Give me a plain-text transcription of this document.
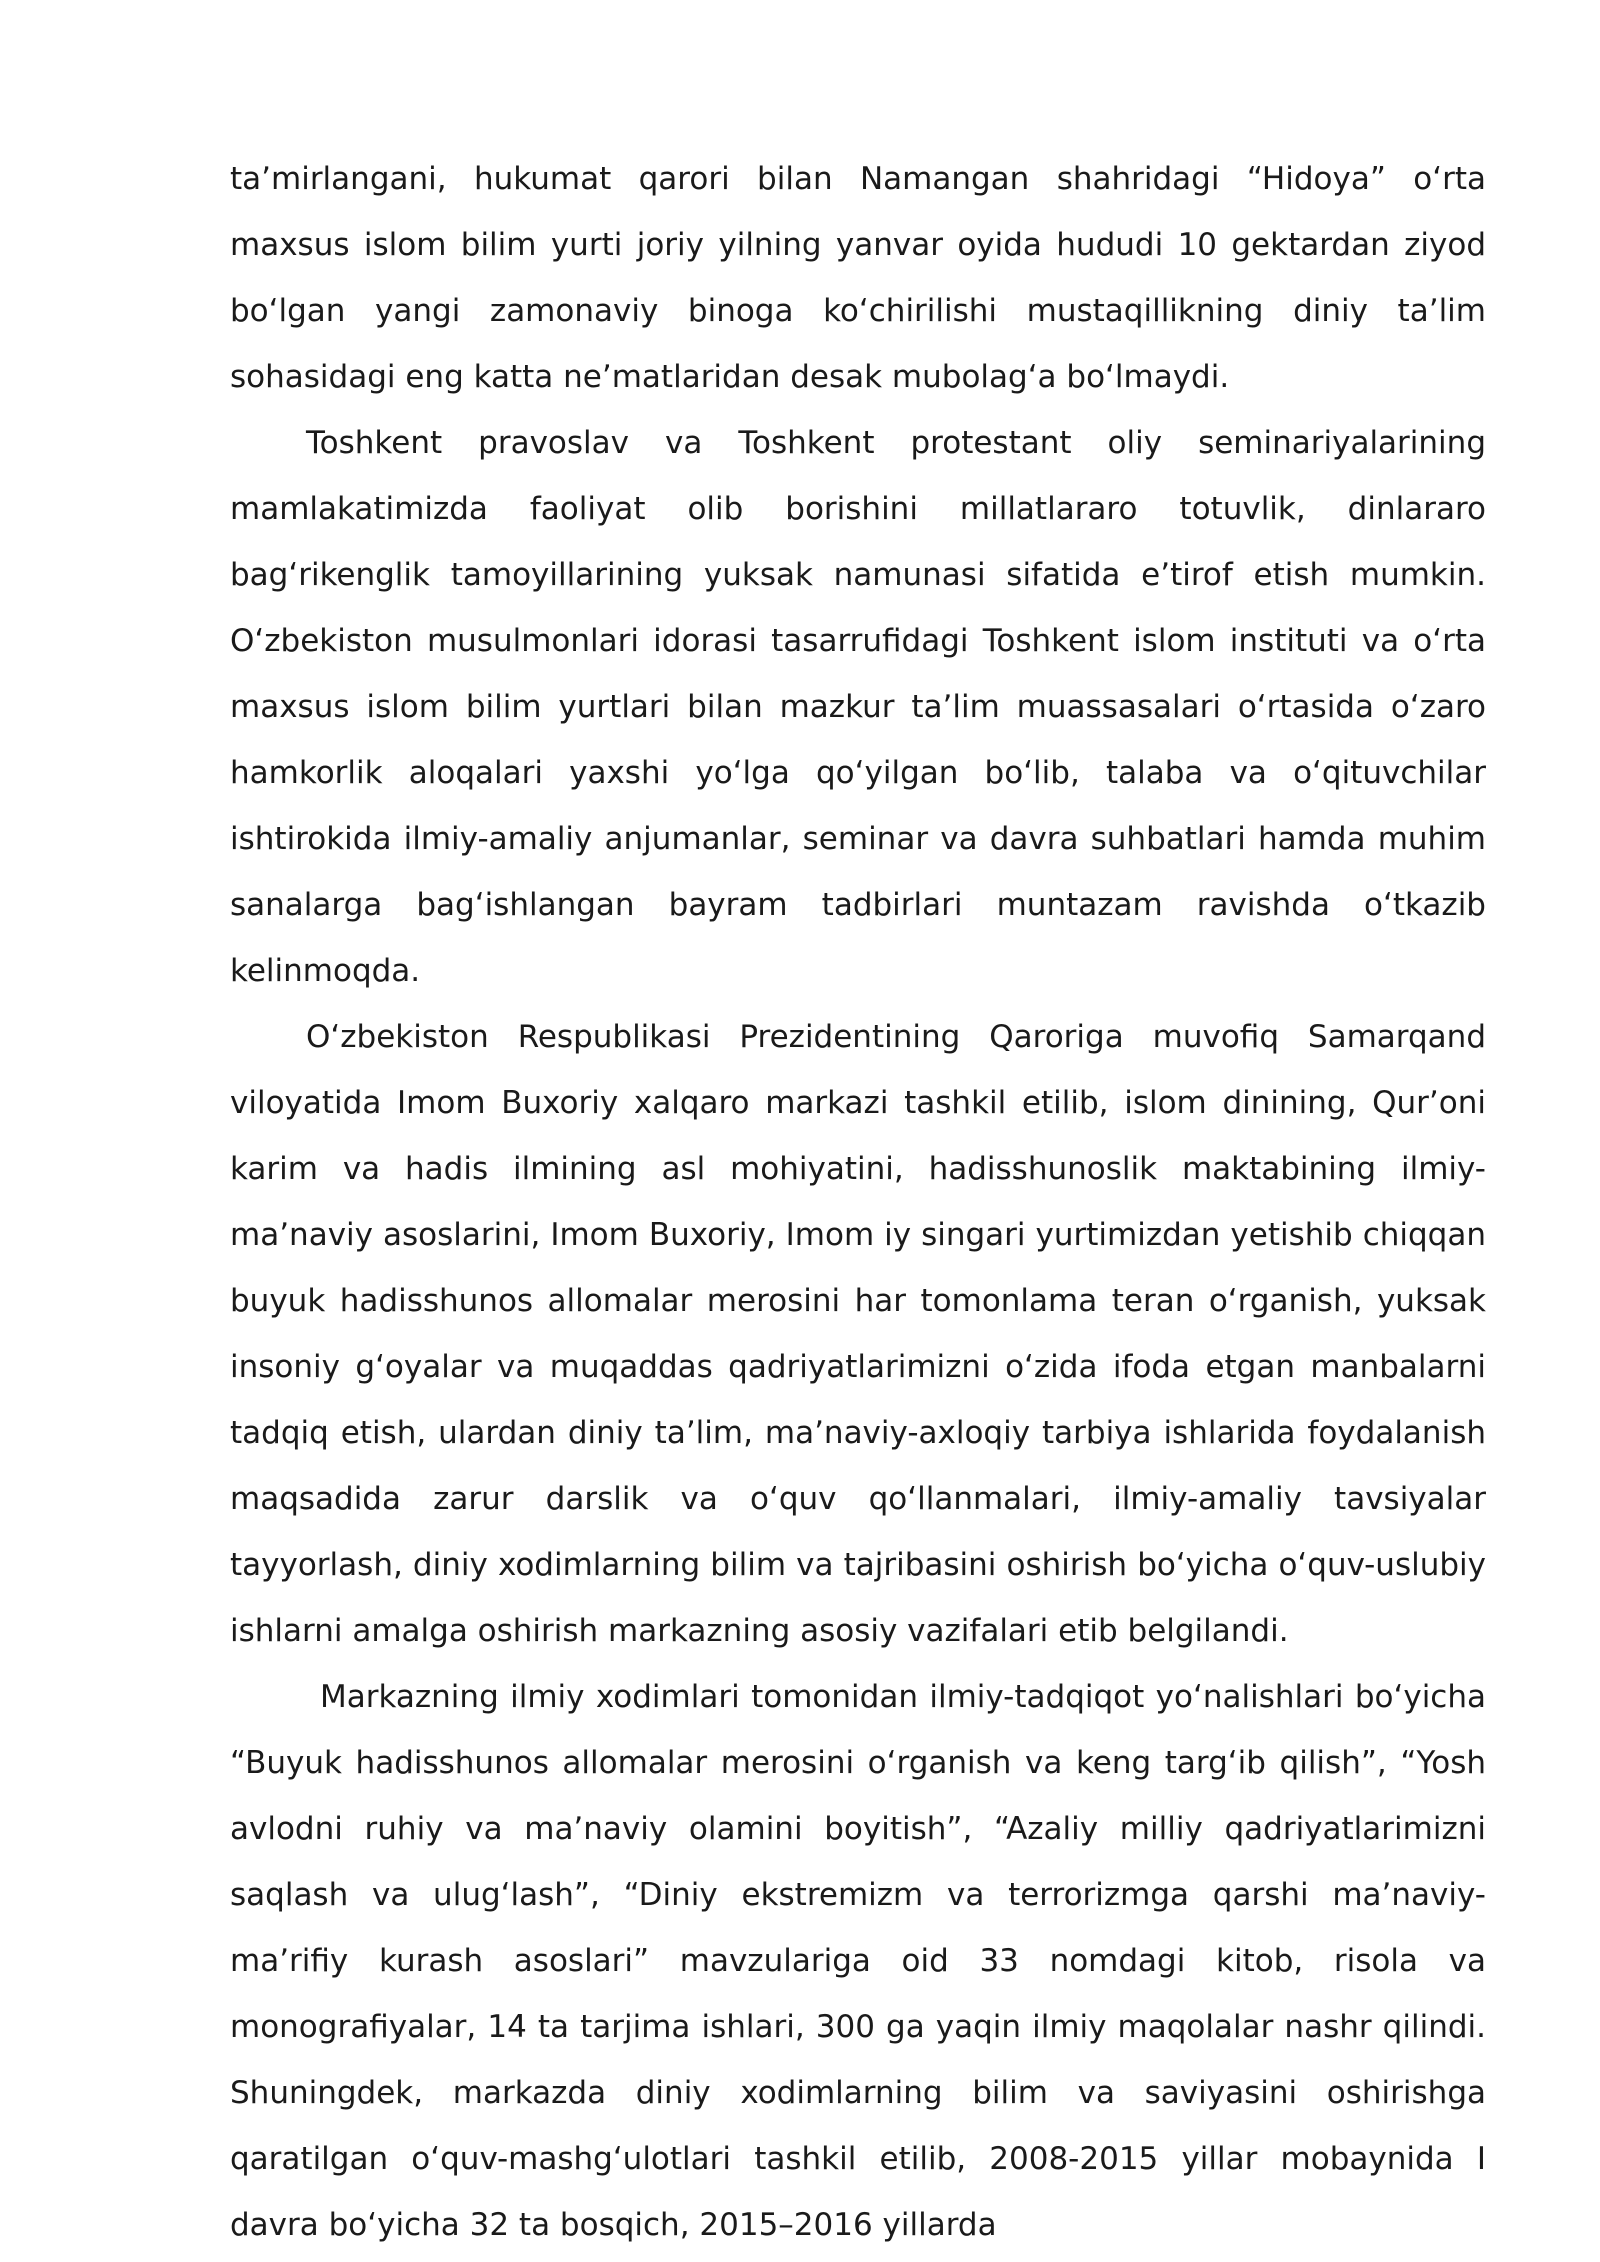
ta’mirlangani, hukumat qarori bilan Namangan shahridagi “Hidoya” o‘rta maxsus islom bilim yurti joriy yilning yanvar oyida hududi 10 gektardan ziyod bo‘lgan yangi zamonaviy binoga ko‘chirilishi mustaqillikning diniy ta’lim sohasidagi eng katta ne’matlaridan desak mubolag‘a bo‘lmaydi.

Toshkent pravoslav va Toshkent protestant oliy seminariyalarining mamlakatimizda faoliyat olib borishini millatlararo totuvlik, dinlararo bag‘rikenglik tamoyillarining yuksak namunasi sifatida e’tirof etish mumkin. O‘zbekiston musulmonlari idorasi tasarrufidagi Toshkent islom instituti va o‘rta maxsus islom bilim yurtlari bilan mazkur ta’lim muassasalari o‘rtasida o‘zaro hamkorlik aloqalari yaxshi yo‘lga qo‘yilgan bo‘lib, talaba va o‘qituvchilar ishtirokida ilmiy-amaliy anjumanlar, seminar va davra suhbatlari hamda muhim sanalarga bag‘ishlangan bayram tadbirlari muntazam ravishda o‘tkazib kelinmoqda.

O‘zbekiston Respublikasi Prezidentining Qaroriga muvofiq Samarqand viloyatida Imom Buxoriy xalqaro markazi tashkil etilib, islom dinining, Qur’oni karim va hadis ilmining asl mohiyatini, hadisshunoslik maktabining ilmiy-ma’naviy asoslarini, Imom Buxoriy, Imom iy singari yurtimizdan yetishib chiqqan buyuk hadisshunos allomalar merosini har tomonlama teran o‘rganish, yuksak insoniy g‘oyalar va muqaddas qadriyatlarimizni o‘zida ifoda etgan manbalarni tadqiq etish, ulardan diniy ta’lim, ma’naviy-axloqiy tarbiya ishlarida foydalanish maqsadida zarur darslik va o‘quv qo‘llanmalari, ilmiy-amaliy tavsiyalar tayyorlash, diniy xodimlarning bilim va tajribasini oshirish bo‘yicha o‘quv-uslubiy ishlarni amalga oshirish markazning asosiy vazifalari etib belgilandi.

Markazning ilmiy xodimlari tomonidan ilmiy-tadqiqot yo‘nalishlari bo‘yicha “Buyuk hadisshunos allomalar merosini o‘rganish va keng targ‘ib qilish”, “Yosh avlodni ruhiy va ma’naviy olamini boyitish”, “Azaliy milliy qadriyatlarimizni saqlash va ulug‘lash”, “Diniy ekstremizm va terrorizmga qarshi ma’naviy-ma’rifiy kurash asoslari” mavzulariga oid 33 nomdagi kitob, risola va monografiyalar, 14 ta tarjima ishlari, 300 ga yaqin ilmiy maqolalar nashr qilindi. Shuningdek, markazda diniy xodimlarning bilim va saviyasini oshirishga qaratilgan o‘quv-mashg‘ulotlari tashkil etilib, 2008-2015 yillar mobaynida I davra bo‘yicha 32 ta bosqich, 2015–2016 yillarda
